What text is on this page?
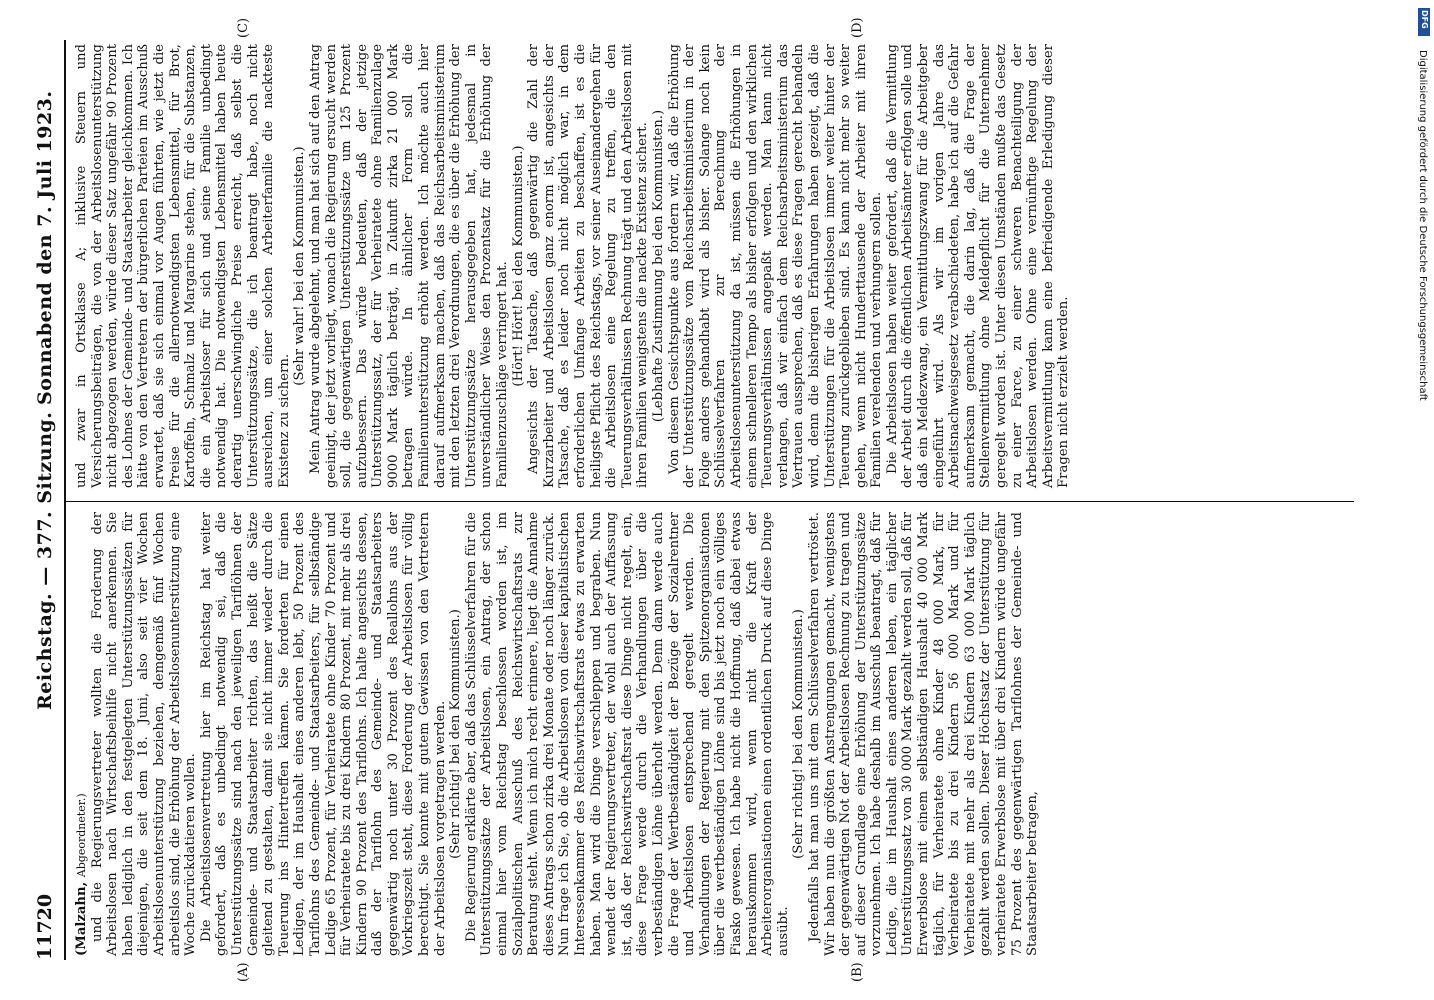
11720
Reichstag. — 377. Sitzung.
Sonnabend den 7. Juli 1923.
(A)	(B)
(C)	(D)

(Malzahn, Abgeordneter.) und die Regierungsvertreter wollten die Forderung der Arbeitslosen nach Wirtschaftsbeihilfe nicht anerkennen. Sie haben lediglich in den festgelegten Unterstützungssätzen für diejenigen, die seit dem 18. Juni, also seit vier Wochen Arbeitslosenunterstützung beziehen, demgemäß fünf Wochen arbeitslos sind, die Erhöhung der Arbeitslosenunterstützung eine Woche zurückdatieren wollen. Die Arbeitslosenvertretung hier im Reichstag hat weiter gefordert, daß es unbedingt notwendig sei, daß die Unterstützungssätze sind nach den jeweiligen Tariflöhnen der Gemeinde- und Staatsarbeiter richten, das heißt die Sätze gleitend zu gestalten, damit sie nicht immer wieder durch die Teuerung ins Hintertreffen kämen. Sie forderten für einen Ledigen, der im Haushalt eines anderen lebt, 50 Prozent des Tariflohns des Gemeinde- und Staatsarbeiters, für selbständige Ledige 65 Prozent, für Verheiratete ohne Kinder 70 Prozent und für Verheiratete bis zu drei Kindern 80 Prozent, mit mehr als drei Kindern 90 Prozent des Tariflohns. Ich halte angesichts dessen, daß der Tariflohn des Gemeinde- und Staatsarbeiters gegenwärtig noch unter 30 Prozent des Reallohns aus der Vorkriegszeit steht, diese Forderung der Arbeitslosen für völlig berechtigt. Sie konnte mit gutem Gewissen von den Vertretern der Arbeitslosen vorgetragen werden. (Sehr richtig! bei den Kommunisten.) Die Regierung erklärte aber, daß das Schlüsselverfahren für die Unterstützungssätze der Arbeitslosen, ein Antrag, der schon einmal hier vom Reichstag beschlossen worden ist, im Sozialpolitischen Ausschuß des Reichswirtschaftsrats zur Beratung steht. Wenn ich mich recht erinnere, liegt die Annahme dieses Antrags schon zirka drei Monate oder noch länger zurück. Nun frage ich Sie, ob die Arbeitslosen von dieser kapitalistischen Interessenkammer des Reichswirtschaftsrats etwas zu erwarten haben. Man wird die Dinge verschleppen und begraben. Nun wendet der Regierungsvertreter, der wohl auch der Auffassung ist, daß der Reichswirtschaftsrat diese Dinge nicht regelt, ein, diese Frage werde durch die Verhandlungen über die verbeständigen Löhne überholt werden. Denn dann werde auch die Frage der Wertbeständigkeit der Bezüge der Sozialrentner und Arbeitslosen entsprechend geregelt werden. Die Verhandlungen der Regierung mit den Spitzenorganisationen über die wertbeständigen Löhne sind bis jetzt noch ein völliges Fiasko gewesen. Ich habe nicht die Hoffnung, daß dabei etwas herauskommen wird, wenn nicht die Kraft der Arbeiterorganisationen einen ordentlichen Druck auf diese Dinge ausübt.

(Sehr richtig! bei den Kommunisten.) Jedenfalls hat man uns mit dem Schlüsselverfahren vertröstet. Wir haben nun die größten Anstrengungen gemacht, wenigstens der gegenwärtigen Not der Arbeitslosen Rechnung zu tragen und auf dieser Grundlage eine Erhöhung der Unterstützungssätze vorzunehmen. Ich habe deshalb im Ausschuß beantragt, daß für Ledige, die im Haushalt eines anderen leben, ein täglicher Unterstützungssatz von 30 000 Mark gezahlt werden soll, daß für Erwerbslose mit einem selbständigen Haushalt 40 000 Mark täglich, für Verheiratete ohne Kinder 48 000 Mark, für Verheiratete bis zu drei Kindern 56 000 Mark und für Verheiratete mit mehr als drei Kindern 63 000 Mark täglich gezahlt werden sollen. Dieser Höchstsatz der Unterstützung für verheiratete Erwerbslose mit über drei Kindern würde ungefähr 75 Prozent des gegenwärtigen Tariflohnes der Gemeinde- und Staatsarbeiter betragen,

und zwar in Ortsklasse A; inklusive Steuern und Versicherungsbeiträgen, die von der Arbeitslosenunterstützung nicht abgezogen werden, würde dieser Satz ungefähr 90 Prozent des Lohnes der Gemeinde- und Staatsarbeiter gleichkommen. Ich hätte von den Vertretern der bürgerlichen Parteien im Ausschuß erwartet, daß sie sich einmal vor Augen führten, wie jetzt die Preise für die allernotwendigsten Lebensmittel, für Brot, Kartoffeln, Schmalz und Margarine stehen, für die Substanzen, die ein Arbeitsloser für sich und seine Familie unbedingt notwendig hat. Die notwendigsten Lebensmittel haben heute derartig unerschwingliche Preise erreicht, daß selbst die Unterstützungssätze, die ich beantragt habe, noch nicht ausreichen, um einer solchen Arbeiterfamilie die nackteste Existenz zu sichern.

(Sehr wahr! bei den Kommunisten.) Mein Antrag wurde abgelehnt, und man hat sich auf den Antrag geeinigt, der jetzt vorliegt, wonach die Regierung ersucht werden soll, die gegenwärtigen Unterstützungssätze um 125 Prozent aufzubessern. Das würde bedeuten, daß der jetzige Unterstützungssatz, der für Verheiratete ohne Familienzulage 9000 Mark täglich beträgt, in Zukunft zirka 21 000 Mark betragen würde. In ähnlicher Form soll die Familienunterstützung erhöht werden. Ich möchte auch hier darauf aufmerksam machen, daß das Reichsarbeitsministerium mit den letzten drei Verordnungen, die es über die Erhöhung der Unterstützungssätze herausgegeben hat, jedesmal in unverständlicher Weise den Prozentsatz für die Erhöhung der Familienzuschläge verringert hat. (Hört! Hört! bei den Kommunisten.) Angesichts der Tatsache, daß gegenwärtig die Zahl der Kurzarbeiter und Arbeitslosen ganz enorm ist, angesichts der Tatsache, daß es leider noch nicht möglich war, in dem erforderlichen Umfange Arbeiten zu beschaffen, ist es die heiligste Pflicht des Reichstags, vor seiner Auseinandergehen für die Arbeitslosen eine Regelung zu treffen, die den Teuerungsverhältnissen Rechnung trägt und den Arbeitslosen mit ihren Familien wenigstens die nackte Existenz sichert. (Lebhafte Zustimmung bei den Kommunisten.) Von diesem Gesichtspunkte aus fordern wir, daß die Erhöhung der Unterstützungssätze vom Reichsarbeitsministerium in der Folge anders gehandhabt wird als bisher. Solange noch kein Schlüsselverfahren zur Berechnung der Arbeitslosenunterstützung da ist, müssen die Erhöhungen in einem schnelleren Tempo als bisher erfolgen und den wirklichen Teuerungsverhältnissen angepaßt werden. Man kann nicht verlangen, daß wir einfach dem Reichsarbeitsministerium das Vertrauen aussprechen, daß es diese Fragen gerecht behandeln wird, denn die bisherigen Erfahrungen haben gezeigt, daß die Unterstützungen für die Arbeitslosen immer weiter hinter der Teuerung zurückgeblieben sind. Es kann nicht mehr so weiter gehen, wenn nicht Hunderttausende der Arbeiter mit ihren Familien verelenden und verhungern sollen. Die Arbeitslosen haben weiter gefordert, daß die Vermittlung der Arbeit durch die öffentlichen Arbeitsämter erfolgen solle und daß ein Meldezwang, ein Vermittlungszwang für die Arbeitgeber eingeführt wird. Als wir im vorigen Jahre das Arbeitsnachweisgesetz verabschiedeten, habe ich auf die Gefahr aufmerksam gemacht, die darin lag, daß die Frage der Stellenvermittlung ohne Meldepflicht für die Unternehmer geregelt worden ist. Unter diesen Umständen mußte das Gesetz zu einer Farce, zu einer schweren Benachteiligung der Arbeitslosen werden. Ohne eine vernünftige Regelung der Arbeitsvermittlung kann eine befriedigende Erledigung dieser Fragen nicht erzielt werden.

DFG
Digitalisierung gefördert durch die Deutsche Forschungsgemeinschaft
